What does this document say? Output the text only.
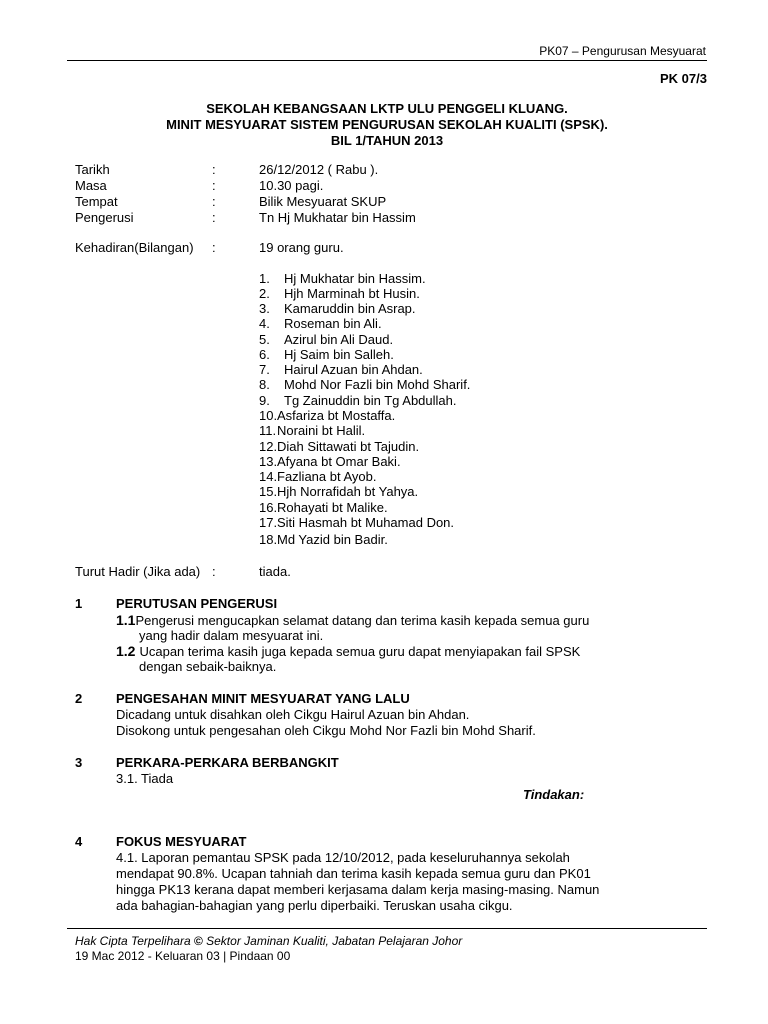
PK07 – Pengurusan Mesyuarat
PK 07/3
SEKOLAH KEBANGSAAN LKTP ULU PENGGELI KLUANG.
MINIT MESYUARAT SISTEM PENGURUSAN SEKOLAH KUALITI (SPSK).
BIL 1/TAHUN 2013
Tarikh	:	26/12/2012 ( Rabu ).
Masa	:	10.30 pagi.
Tempat	:	Bilik Mesyuarat SKUP
Pengerusi	:	Tn Hj Mukhatar bin Hassim
Kehadiran(Bilangan) :	19 orang guru.
1. Hj Mukhatar bin Hassim.
2. Hjh Marminah bt Husin.
3. Kamaruddin bin Asrap.
4. Roseman bin Ali.
5. Azirul bin Ali Daud.
6. Hj Saim bin Salleh.
7. Hairul Azuan bin Ahdan.
8. Mohd Nor Fazli bin Mohd Sharif.
9. Tg Zainuddin bin Tg Abdullah.
10. Asfariza bt Mostaffa.
11. Noraini bt Halil.
12. Diah Sittawati bt Tajudin.
13. Afyana bt Omar Baki.
14. Fazliana bt Ayob.
15. Hjh Norrafidah bt Yahya.
16. Rohayati bt Malike.
17. Siti Hasmah bt Muhamad Don.
18. Md Yazid bin Badir.
Turut Hadir (Jika ada) :	tiada.
1	PERUTUSAN PENGERUSI
1.1Pengerusi mengucapkan selamat datang dan terima kasih kepada semua guru
yang hadir dalam mesyuarat ini.
1.2 Ucapan terima kasih juga kepada semua guru dapat menyiapakan fail SPSK
dengan sebaik-baiknya.
2	PENGESAHAN MINIT MESYUARAT YANG LALU
Dicadang untuk disahkan oleh Cikgu Hairul Azuan bin Ahdan.
Disokong untuk pengesahan oleh Cikgu Mohd Nor Fazli bin Mohd Sharif.
3	PERKARA-PERKARA BERBANGKIT
3.1. Tiada
Tindakan:
4	FOKUS MESYUARAT
4.1. Laporan pemantau SPSK pada 12/10/2012, pada keseluruhannya sekolah
mendapat 90.8%. Ucapan tahniah dan terima kasih kepada semua guru dan PK01
hingga PK13 kerana dapat memberi kerjasama dalam kerja masing-masing. Namun
ada bahagian-bahagian yang perlu diperbaiki. Teruskan usaha cikgu.
Hak Cipta Terpelihara © Sektor Jaminan Kualiti, Jabatan Pelajaran Johor
19 Mac 2012 - Keluaran 03 | Pindaan 00
